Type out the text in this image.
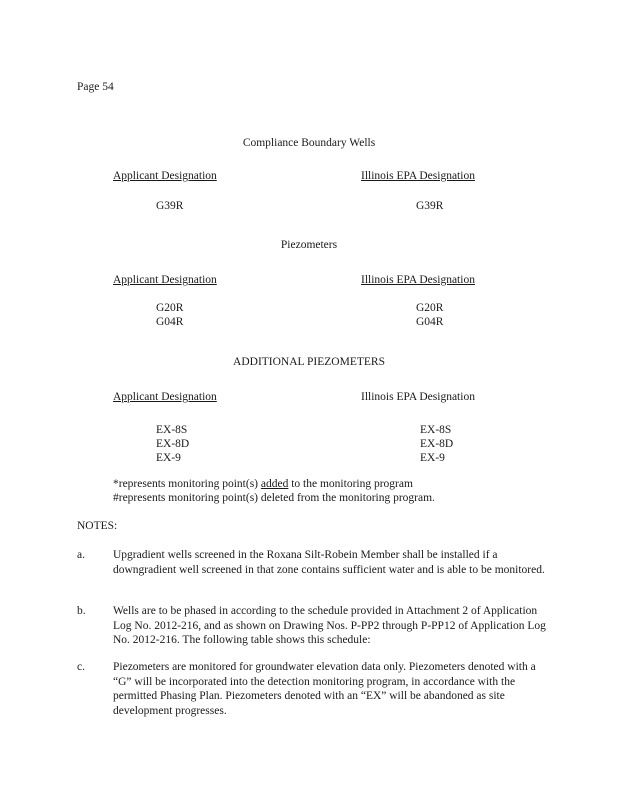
Page 54
Compliance Boundary Wells
Applicant Designation	Illinois EPA Designation
G39R	G39R
Piezometers
Applicant Designation	Illinois EPA Designation
G20R	G20R
G04R	G04R
ADDITIONAL PIEZOMETERS
Applicant Designation	Illinois EPA Designation
EX-8S	EX-8S
EX-8D	EX-8D
EX-9	EX-9
*represents monitoring point(s) added to the monitoring program
#represents monitoring point(s) deleted from the monitoring program.
NOTES:
a. Upgradient wells screened in the Roxana Silt-Robein Member shall be installed if a downgradient well screened in that zone contains sufficient water and is able to be monitored.
b. Wells are to be phased in according to the schedule provided in Attachment 2 of Application Log No. 2012-216, and as shown on Drawing Nos. P-PP2 through P-PP12 of Application Log No. 2012-216. The following table shows this schedule:
c. Piezometers are monitored for groundwater elevation data only. Piezometers denoted with a “G” will be incorporated into the detection monitoring program, in accordance with the permitted Phasing Plan. Piezometers denoted with an “EX” will be abandoned as site development progresses.
